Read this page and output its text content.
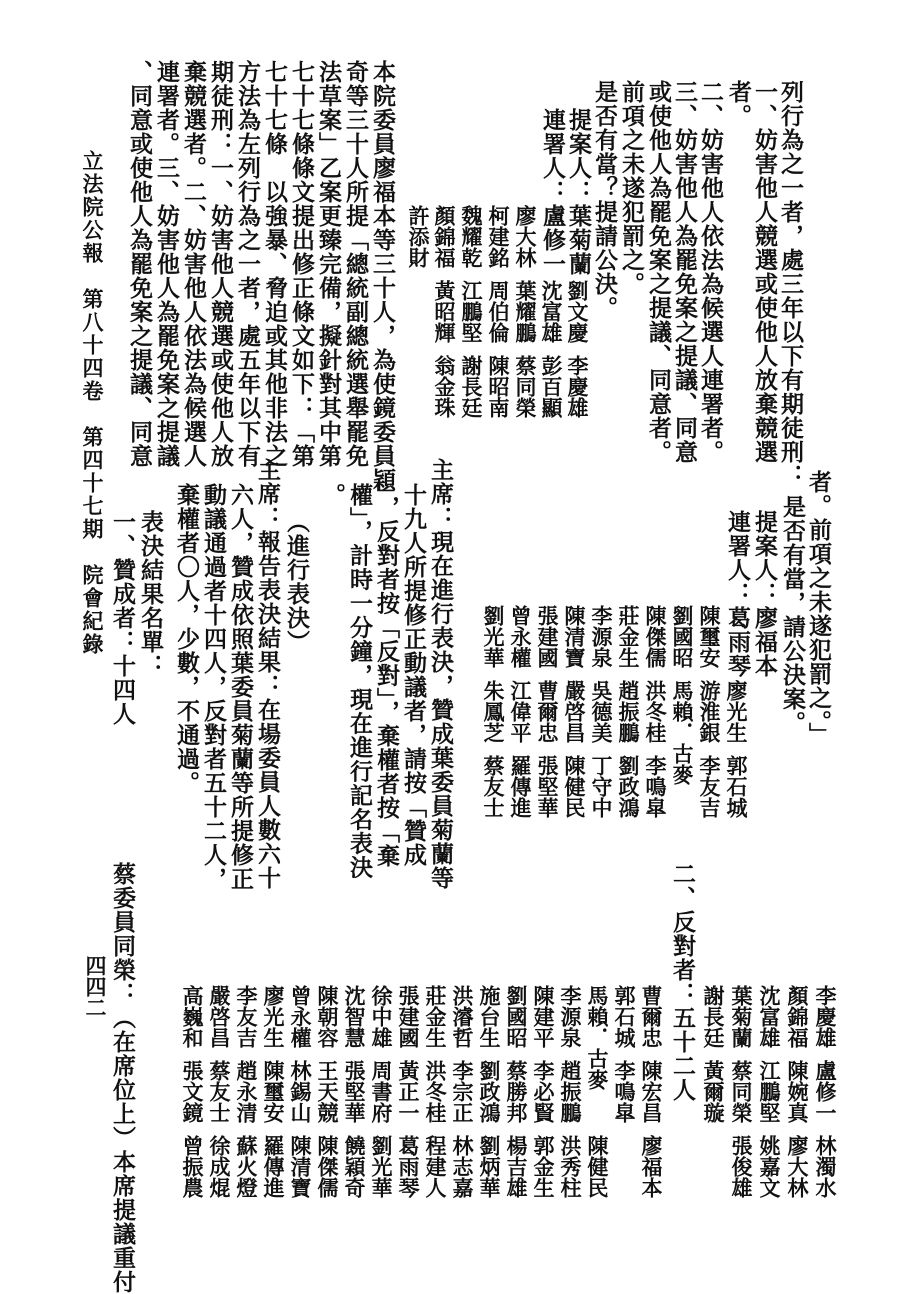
列行為之一者，處三年以下有期徒刑：
一、妨害他人競選或使他人放棄競選
者。
二、妨害他人依法為候選人連署者。
三、妨害他人為罷免案之提議、同意
或使他人為罷免案之提議、同意者。
前項之未遂犯罰之。
是否有當？提請公決。
提案人：葉菊蘭
劉文慶
李慶雄
連署人：盧修一
沈富雄
彭百顯
廖大林
葉耀鵬
蔡同榮
柯建銘
周伯倫
陳昭南
魏耀乾
江鵬堅
謝長廷
顏錦福
黃昭輝
翁金珠
許添財
本院委員廖福本等三十人，為使鏡委員穎
奇等三十人所提「總統副總統選舉罷免
法草案」乙案更臻完備，擬針對其中第
七十七條條文提出修正條文如下：「第
七十七條　以強暴、脅迫或其他非法之
方法為左列行為之一者，處五年以下有
期徒刑：一、妨害他人競選或使他人放
棄競選者。二、妨害他人依法為候選人
連署者。三、妨害他人為罷免案之提議
、同意或使他人為罷免案之提議、同意
立法院公報　第八十四卷　第四十七期　院會紀錄	者。前項之未遂犯罰之。」
是否有當，請公決案。
提案人：廖福本
連署人：葛雨琴
廖光生
郭石城
陳璽安
游淮銀
李友吉
劉國昭
馬賴．古麥
陳傑儒
洪冬桂
李鳴皐
莊金生
趙振鵬
劉政鴻
李源泉
吳德美
丁守中
陳清寶
嚴啓昌
陳健民
張建國
曹爾忠
張堅華
曾永權
江偉平
羅傳進
劉光華
朱鳳芝
蔡友士
主席：現在進行表決，贊成葉委員菊蘭等
十九人所提修正動議者，請按「贊成
」，反對者按「反對」，棄權者按「棄
權」，計時一分鐘，現在進行記名表決
。
（進行表決）
主席：報告表決結果：在場委員人數六十
六人，贊成依照葉委員菊蘭等所提修正
動議通過者十四人，反對者五十二人，
棄權者〇人，少數，不通過。
表決結果名單：
一、贊成者：十四人
李慶雄
盧修一
林濁水
顏錦福
陳婉真
廖大林
沈富雄
江鵬堅
姚嘉文
葉菊蘭
蔡同榮
張俊雄
謝長廷
黃爾璇
二、反對者：五十二人
曹爾忠
陳宏昌
廖福本
郭石城
李鳴皐
馬賴．古麥
陳健民
李源泉
趙振鵬
洪秀柱
陳建平
李必賢
郭金生
劉國昭
蔡勝邦
楊吉雄
施台生
劉政鴻
劉炳華
洪濬哲
李宗正
林志嘉
莊金生
洪冬桂
程建人
張建國
黃正一
葛雨琴
徐中雄
周書府
劉光華
沈智慧
張堅華
饒穎奇
陳朝容
王天競
陳傑儒
曾永權
林錫山
陳清寶
廖光生
陳璽安
羅傳進
李友吉
趙永清
蘇火燈
嚴啓昌
蔡友士
徐成焜
高巍和
張文鏡
曾振農
蔡委員同榮：（在席位上）本席提議重付
四四二
